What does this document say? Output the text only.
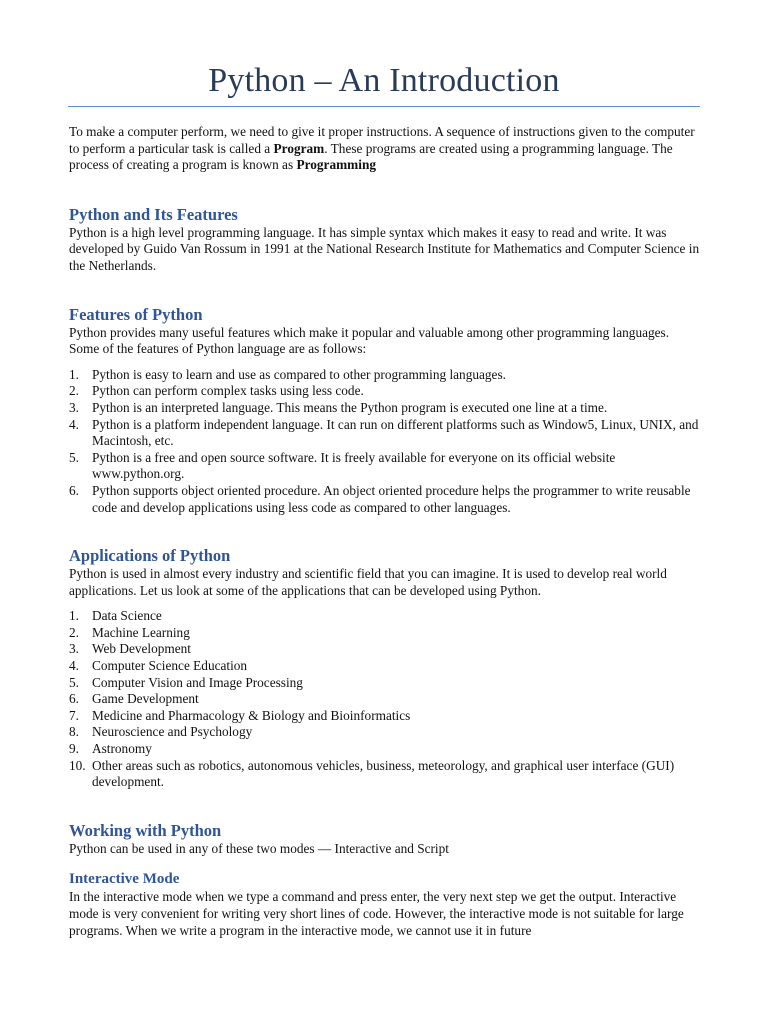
Python – An Introduction

To make a computer perform, we need to give it proper instructions. A sequence of instructions given to the computer to perform a particular task is called a Program. These programs are created using a programming language. The process of creating a program is known as Programming

Python and Its Features

Python is a high level programming language. It has simple syntax which makes it easy to read and write. It was developed by Guido Van Rossum in 1991 at the National Research Institute for Mathematics and Computer Science in the Netherlands.

Features of Python

Python provides many useful features which make it popular and valuable among other programming languages. Some of the features of Python language are as follows:

1. Python is easy to learn and use as compared to other programming languages.
2. Python can perform complex tasks using less code.
3. Python is an interpreted language. This means the Python program is executed one line at a time.
4. Python is a platform independent language. It can run on different platforms such as Window5, Linux, UNIX, and Macintosh, etc.
5. Python is a free and open source software. It is freely available for everyone on its official website www.python.org.
6. Python supports object oriented procedure. An object oriented procedure helps the programmer to write reusable code and develop applications using less code as compared to other languages.
Applications of Python

Python is used in almost every industry and scientific field that you can imagine. It is used to develop real world applications. Let us look at some of the applications that can be developed using Python.

1. Data Science
2. Machine Learning
3. Web Development
4. Computer Science Education
5. Computer Vision and Image Processing
6. Game Development
7. Medicine and Pharmacology & Biology and Bioinformatics
8. Neuroscience and Psychology
9. Astronomy
10. Other areas such as robotics, autonomous vehicles, business, meteorology, and graphical user interface (GUI) development.
Working with Python

Python can be used in any of these two modes — Interactive and Script

Interactive Mode

In the interactive mode when we type a command and press enter, the very next step we get the output. Interactive mode is very convenient for writing very short lines of code. However, the interactive mode is not suitable for large programs. When we write a program in the interactive mode, we cannot use it in future
